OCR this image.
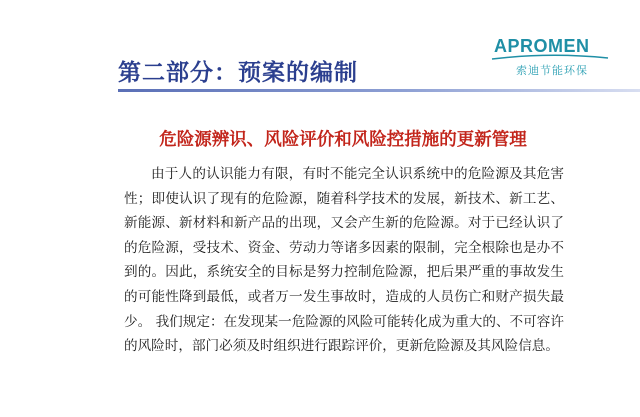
第二部分：预案的编制
APROMEN
索迪节能环保
危险源辨识、风险评价和风险控措施的更新管理
由于人的认识能力有限，有时不能完全认识系统中的危险源及其危害性；即使认识了现有的危险源，随着科学技术的发展，新技术、新工艺、新能源、新材料和新产品的出现，又会产生新的危险源。对于已经认识了的危险源，受技术、资金、劳动力等诸多因素的限制，完全根除也是办不到的。因此，系统安全的目标是努力控制危险源，把后果严重的事故发生的可能性降到最低，或者万一发生事故时，造成的人员伤亡和财产损失最少。 我们规定：在发现某一危险源的风险可能转化成为重大的、不可容许的风险时，部门必须及时组织进行跟踪评价，更新危险源及其风险信息。
